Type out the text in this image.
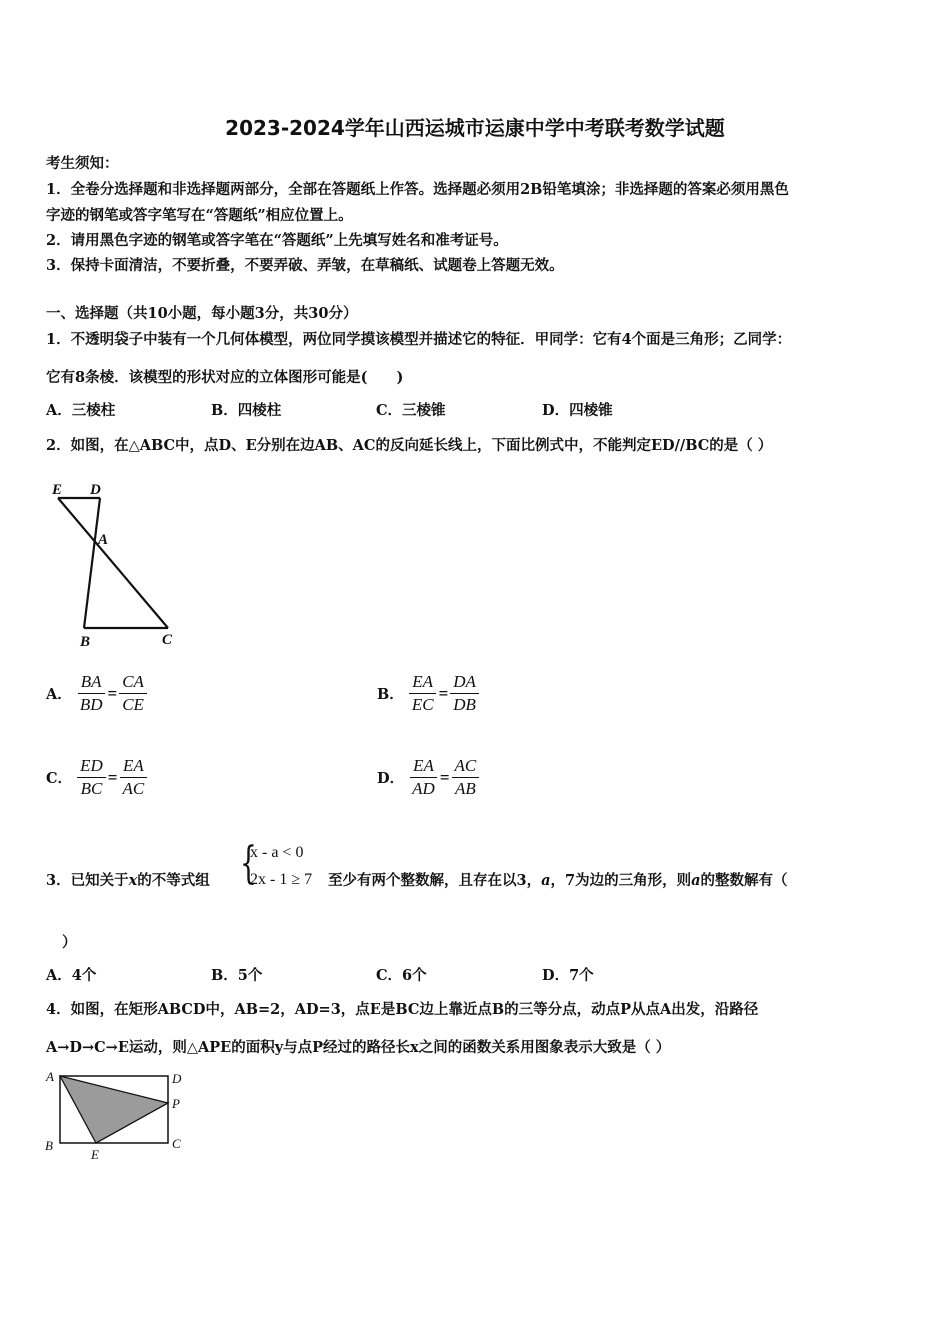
2023-2024学年山西运城市运康中学中考联考数学试题
考生须知：
1．全卷分选择题和非选择题两部分，全部在答题纸上作答。选择题必须用2B铅笔填涂；非选择题的答案必须用黑色
字迹的钢笔或答字笔写在“答题纸”相应位置上。
2．请用黑色字迹的钢笔或答字笔在“答题纸”上先填写姓名和准考证号。
3．保持卡面清洁，不要折叠，不要弄破、弄皱，在草稿纸、试题卷上答题无效。
一、选择题（共10小题，每小题3分，共30分）
1．不透明袋子中装有一个几何体模型，两位同学摸该模型并描述它的特征．甲同学：它有4个面是三角形；乙同学：
它有8条棱．该模型的形状对应的立体图形可能是(　　)
A．三棱柱	B．四棱柱	C．三棱锥	D．四棱锥
2．如图，在△ABC中，点D、E分别在边AB、AC的反向延长线上，下面比例式中，不能判定ED//BC的是（ ）
E D
A
B	C
A． $\frac{BA}{BD} = \frac{CA}{CE}$	B． $\frac{EA}{EC} = \frac{DA}{DB}$
C． $\frac{ED}{BC} = \frac{EA}{AC}$	D． $\frac{EA}{AD} = \frac{AC}{AB}$
3．已知关于x的不等式组 {
x - a < 0
2x - 1 ≥ 7 至少有两个整数解，且存在以3，a，7为边的三角形，则a的整数解有（
）
A．4个	B．5个	C．6个	D．7个
4．如图，在矩形ABCD中，AB=2，AD=3，点E是BC边上靠近点B的三等分点，动点P从点A出发，沿路径
A→D→C→E运动，则△APE的面积y与点P经过的路径长x之间的函数关系用图象表示大致是（ ）
A	D
P
B
E
C
